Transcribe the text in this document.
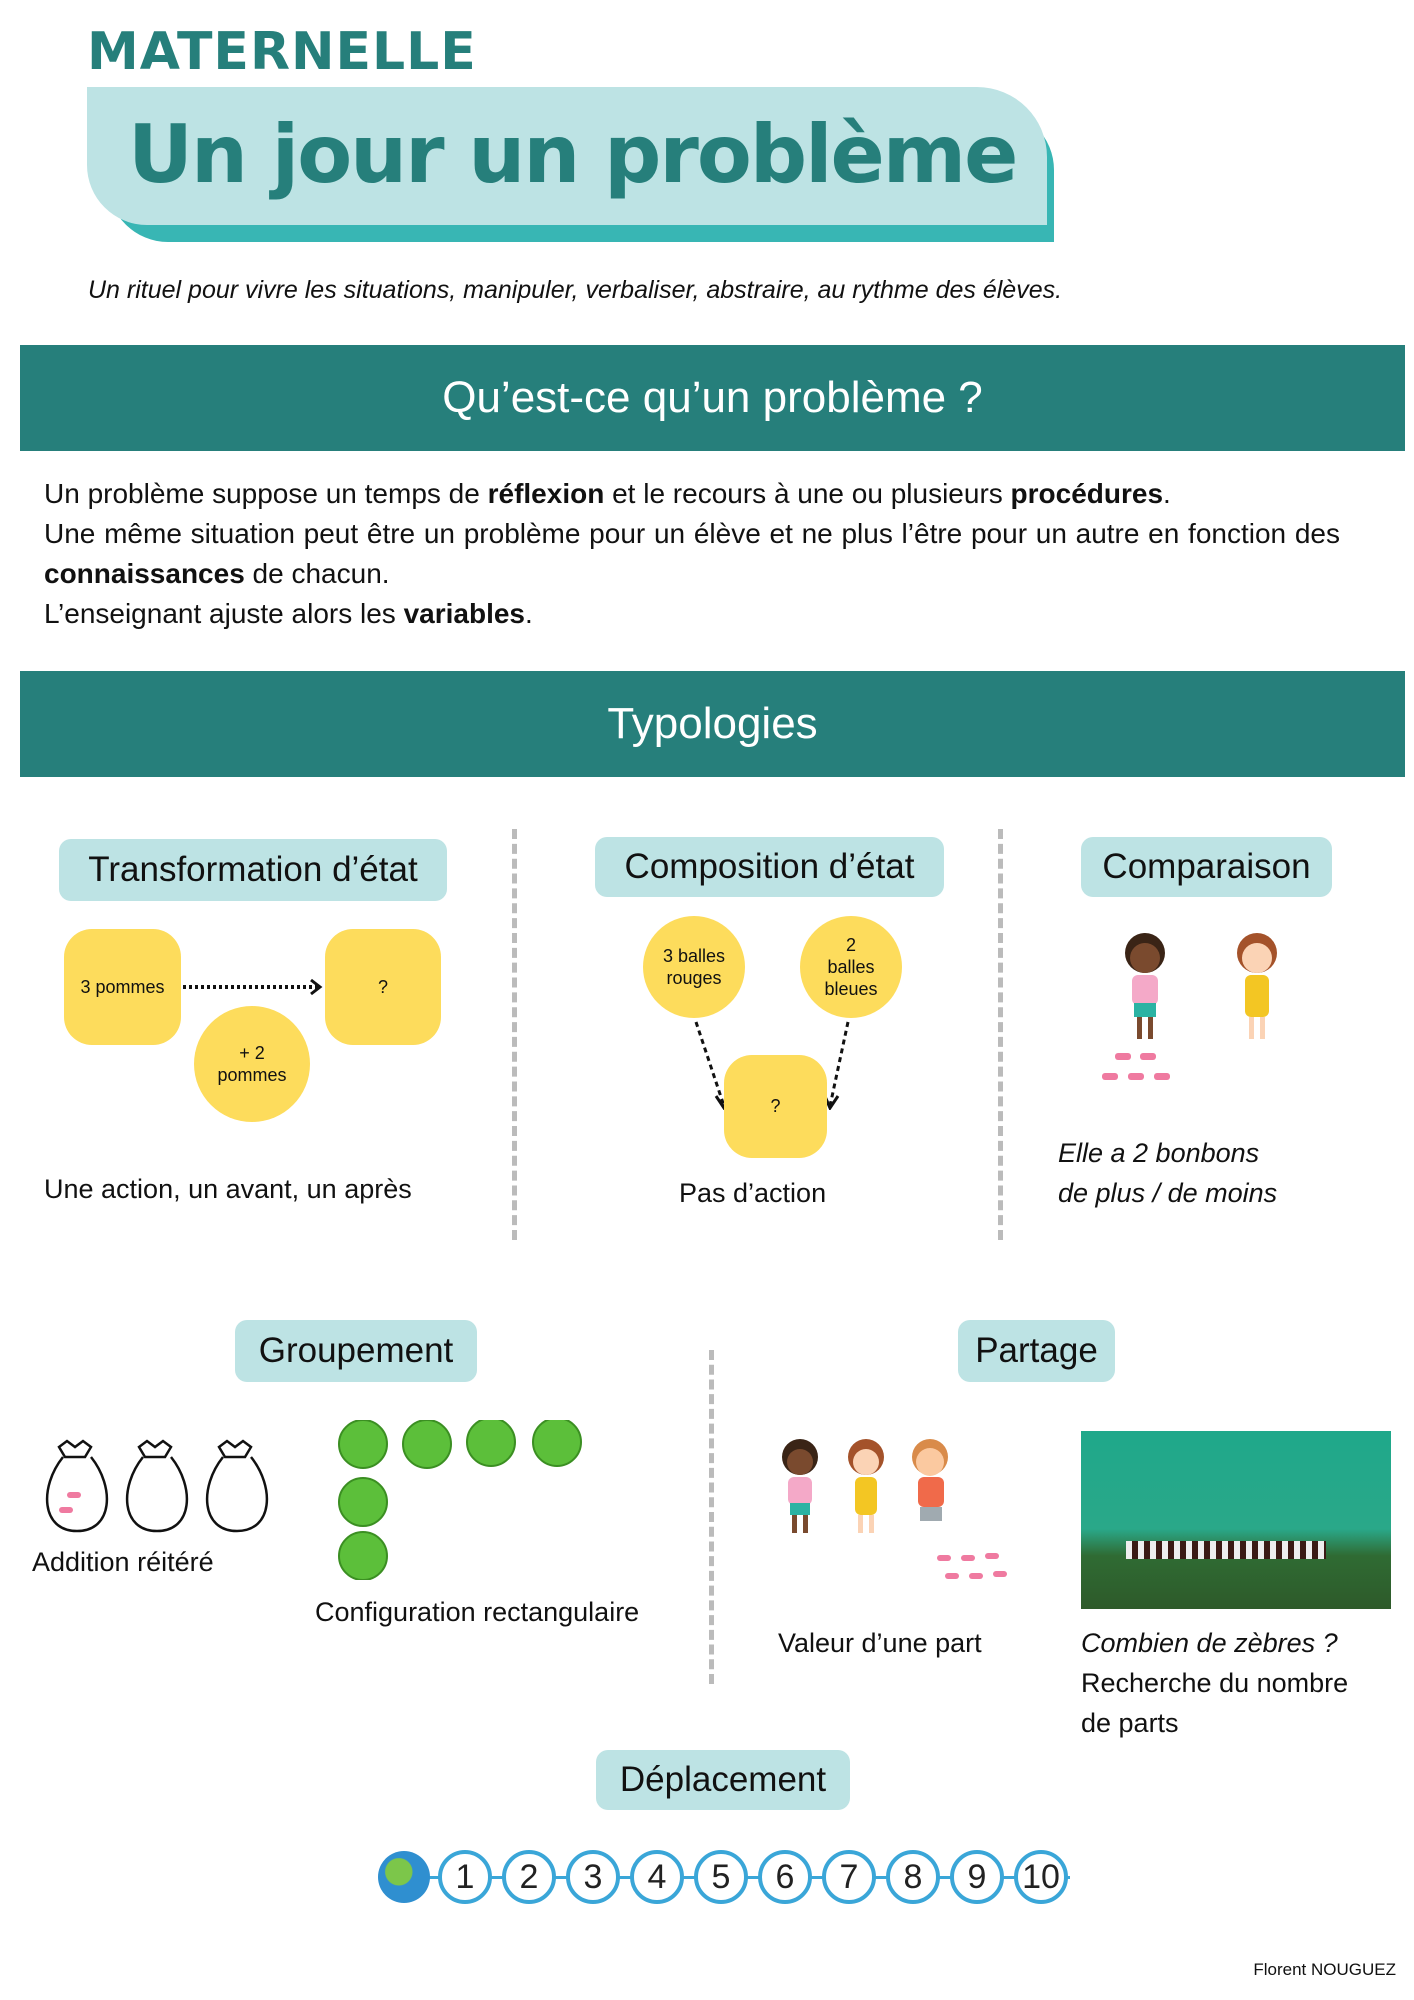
MATERNELLE
Un jour un problème
Un rituel pour vivre les situations, manipuler, verbaliser, abstraire, au rythme des élèves.
Qu’est-ce qu’un problème ?
Un problème suppose un temps de réflexion et le recours à une ou plusieurs procédures.
Une même situation peut être un problème pour un élève et ne plus l’être pour un autre en fonction des connaissances de chacun.
L’enseignant ajuste alors les variables.
Typologies
Transformation d’état
3 pommes	?
+ 2 pommes
Une action, un avant, un après
Composition d’état
3 balles rouges
2 balles bleues
?
Pas d’action
Comparaison
Elle a 2 bonbons
de plus / de moins
Groupement
Addition réitéré
Configuration rectangulaire
Partage
Valeur d’une part	Combien de zèbres ?
Recherche du nombre
de parts
Déplacement
1	2	3	4	5	6	7	8	9	10
Florent NOUGUEZ
